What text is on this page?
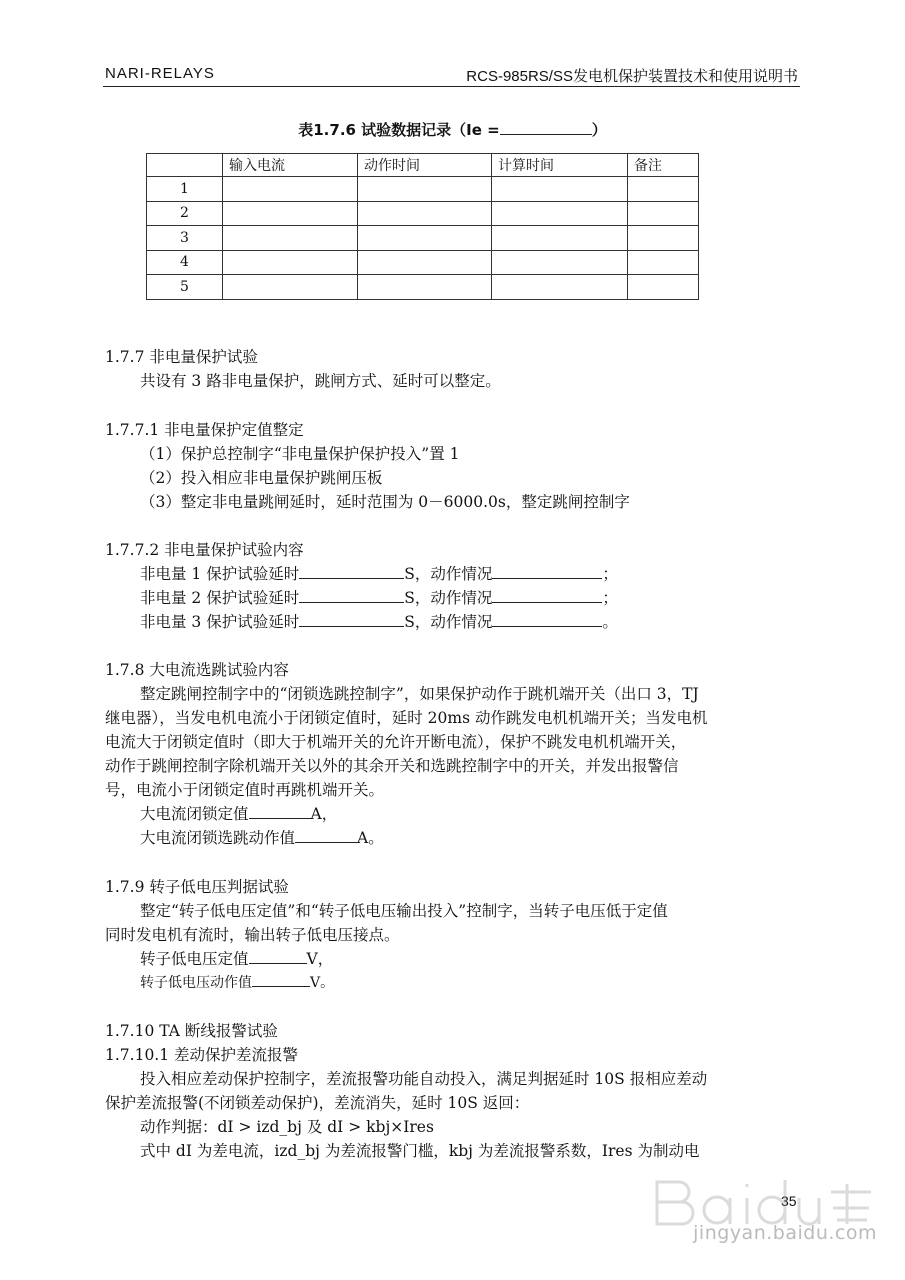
NARI-RELAYS	RCS-985RS/SS发电机保护装置技术和使用说明书
表1.7.6 试验数据记录（Ie =	）
	输入电流	动作时间	计算时间	备注
1				
2				
3				
4				
5				
1.7.7 非电量保护试验
共设有 3 路非电量保护，跳闸方式、延时可以整定。
1.7.7.1 非电量保护定值整定
（1）保护总控制字“非电量保护保护投入”置 1
（2）投入相应非电量保护跳闸压板
（3）整定非电量跳闸延时，延时范围为 0－6000.0s，整定跳闸控制字
1.7.7.2 非电量保护试验内容
非电量 1 保护试验延时	S，动作情况	；
非电量 2 保护试验延时	S，动作情况	；
非电量 3 保护试验延时	S，动作情况	。
1.7.8 大电流选跳试验内容
整定跳闸控制字中的“闭锁选跳控制字”，如果保护动作于跳机端开关（出口 3，TJ
继电器），当发电机电流小于闭锁定值时，延时 20ms 动作跳发电机机端开关；当发电机
电流大于闭锁定值时（即大于机端开关的允许开断电流），保护不跳发电机机端开关，
动作于跳闸控制字除机端开关以外的其余开关和选跳控制字中的开关，并发出报警信
号，电流小于闭锁定值时再跳机端开关。
大电流闭锁定值	A，
大电流闭锁选跳动作值	A。
1.7.9 转子低电压判据试验
整定“转子低电压定值”和“转子低电压输出投入”控制字，当转子电压低于定值
同时发电机有流时，输出转子低电压接点。
转子低电压定值	V，
转子低电压动作值	V。
1.7.10 TA 断线报警试验
1.7.10.1 差动保护差流报警
投入相应差动保护控制字，差流报警功能自动投入，满足判据延时 10S 报相应差动
保护差流报警(不闭锁差动保护)，差流消失，延时 10S 返回：
动作判据：dI > izd_bj 及 dI > kbj×Ires
式中 dI 为差电流，izd_bj 为差流报警门槛，kbj 为差流报警系数，Ires 为制动电
35
jingyan.baidu.com
